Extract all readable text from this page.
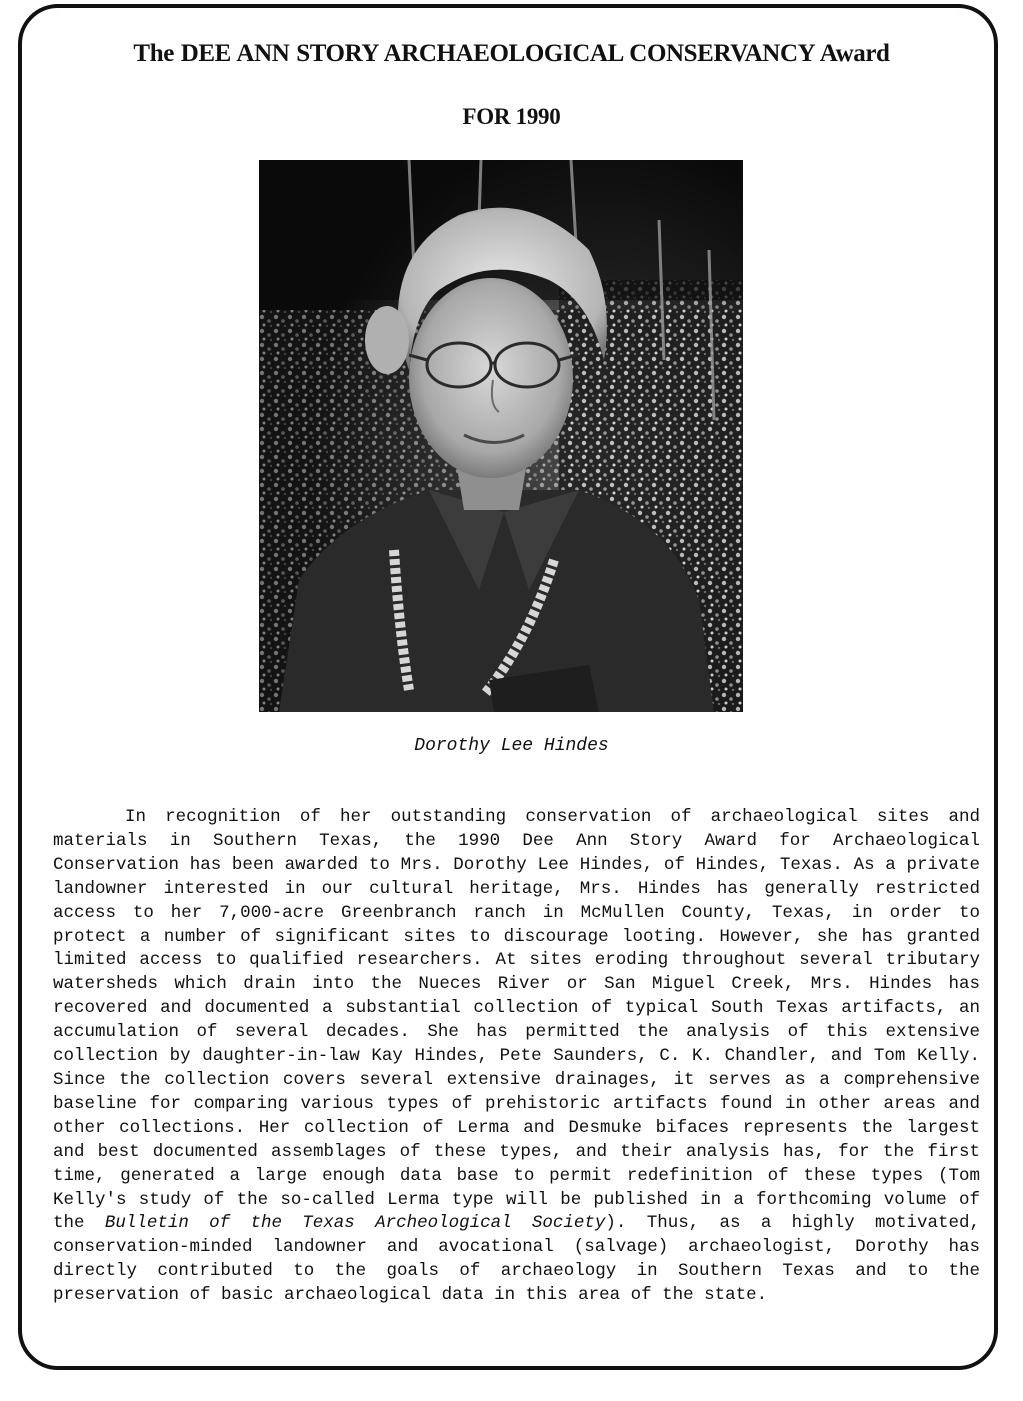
The DEE ANN STORY ARCHAEOLOGICAL CONSERVANCY Award
FOR 1990
Dorothy Lee Hindes

In recognition of her outstanding conservation of archaeological sites and materials in Southern Texas, the 1990 Dee Ann Story Award for Archaeological Conservation has been awarded to Mrs. Dorothy Lee Hindes, of Hindes, Texas. As a private landowner interested in our cultural heritage, Mrs. Hindes has generally restricted access to her 7,000-acre Greenbranch ranch in McMullen County, Texas, in order to protect a number of significant sites to discourage looting. However, she has granted limited access to qualified researchers. At sites eroding throughout several tributary watersheds which drain into the Nueces River or San Miguel Creek, Mrs. Hindes has recovered and documented a substantial collection of typical South Texas artifacts, an accumulation of several decades. She has permitted the analysis of this extensive collection by daughter-in-law Kay Hindes, Pete Saunders, C. K. Chandler, and Tom Kelly. Since the collection covers several extensive drainages, it serves as a comprehensive baseline for comparing various types of prehistoric artifacts found in other areas and other collections. Her collection of Lerma and Desmuke bifaces represents the largest and best documented assemblages of these types, and their analysis has, for the first time, generated a large enough data base to permit redefinition of these types (Tom Kelly's study of the so-called Lerma type will be published in a forthcoming volume of the Bulletin of the Texas Archeological Society). Thus, as a highly motivated, conservation-minded landowner and avocational (salvage) archaeologist, Dorothy has directly contributed to the goals of archaeology in Southern Texas and to the preservation of basic archaeological data in this area of the state.
